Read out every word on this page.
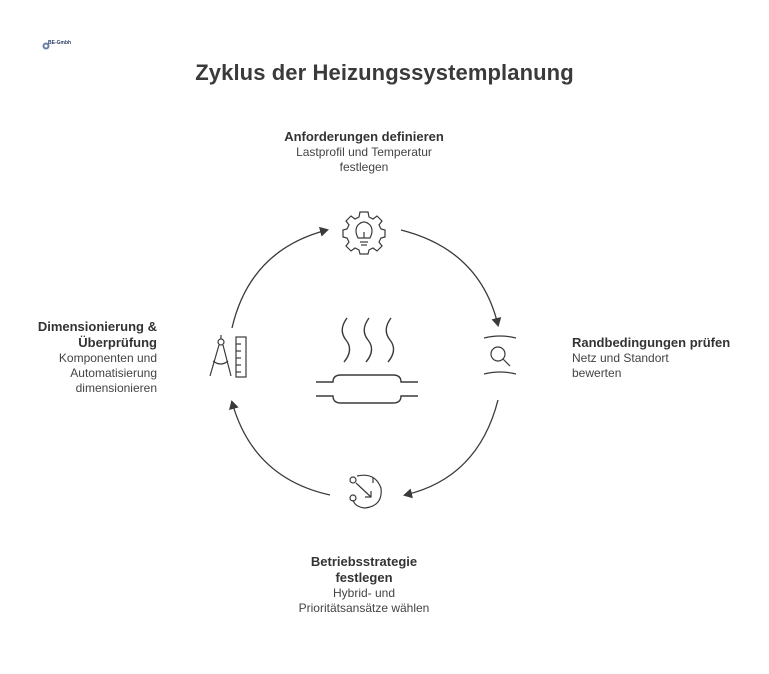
BE-Gmbh
Zyklus der Heizungssystemplanung
Anforderungen definieren
Lastprofil und Temperatur
festlegen
Randbedingungen prüfen
Netz und Standort
bewerten
Betriebsstrategie
festlegen
Hybrid- und
Prioritätsansätze wählen
Dimensionierung &
Überprüfung
Komponenten und
Automatisierung
dimensionieren
